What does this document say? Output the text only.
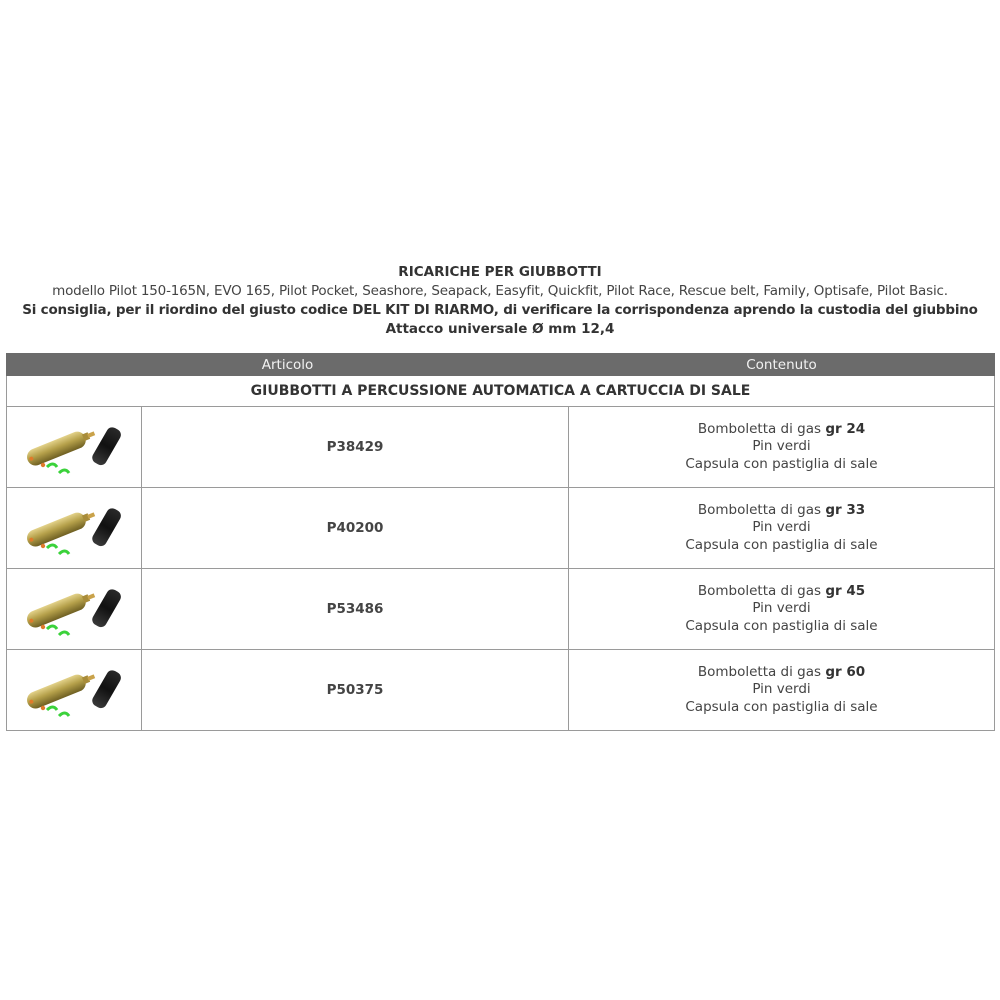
RICARICHE PER GIUBBOTTI
modello Pilot 150-165N, EVO 165, Pilot Pocket, Seashore, Seapack, Easyfit, Quickfit, Pilot Race, Rescue belt, Family, Optisafe, Pilot Basic.
Si consiglia, per il riordino del giusto codice DEL KIT DI RIARMO, di verificare la corrispondenza aprendo la custodia del giubbino
Attacco universale Ø mm 12,4
Articolo		Contenuto
GIUBBOTTI A PERCUSSIONE AUTOMATICA A CARTUCCIA DI SALE		

	P38429	Bomboletta di gas gr 24
Pin verdi
Capsula con pastiglia di sale

	P40200	Bomboletta di gas gr 33
Pin verdi
Capsula con pastiglia di sale

	P53486	Bomboletta di gas gr 45
Pin verdi
Capsula con pastiglia di sale

	P50375	Bomboletta di gas gr 60
Pin verdi
Capsula con pastiglia di sale
